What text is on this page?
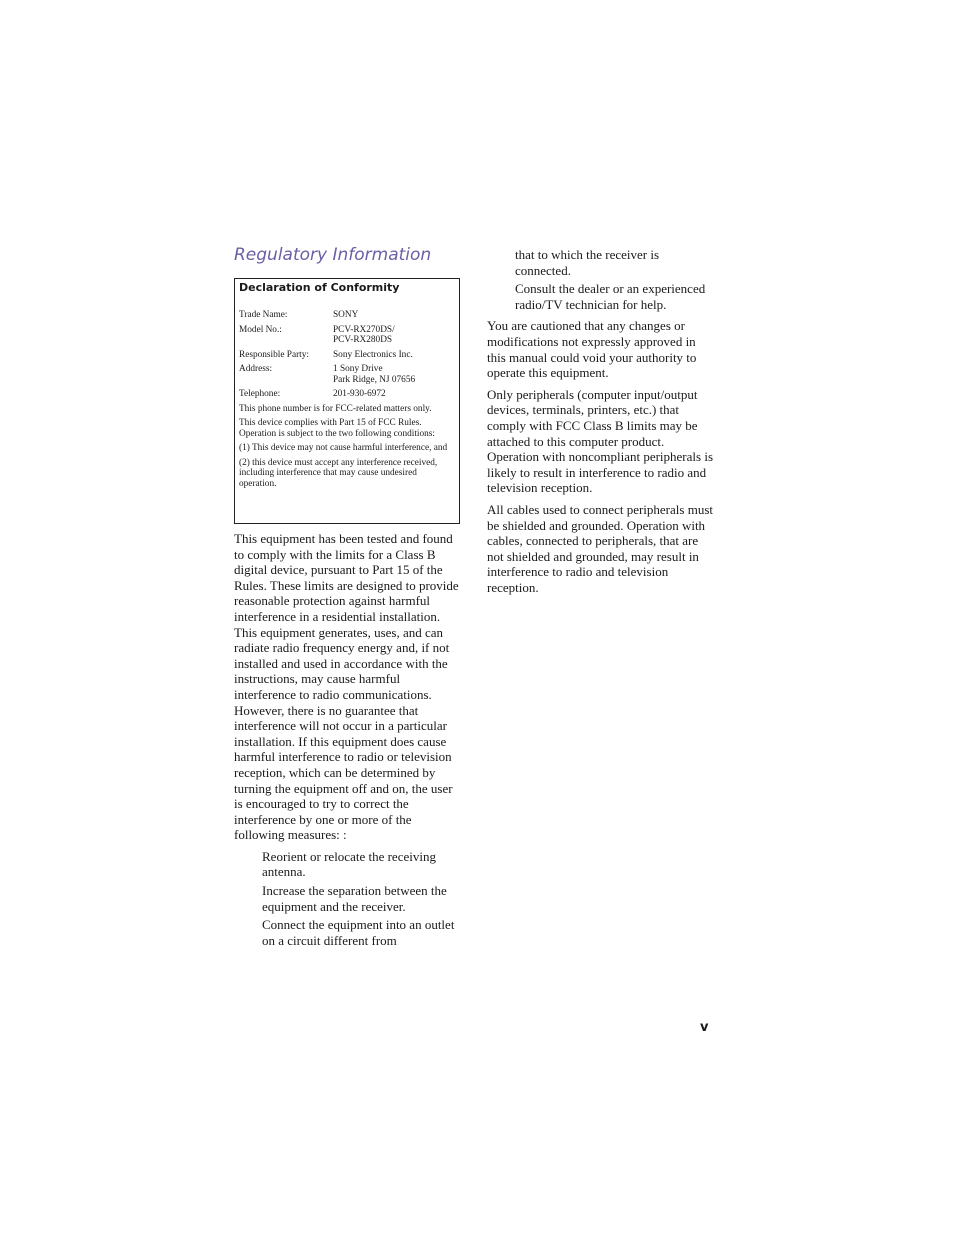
Regulatory Information

Declaration of Conformity

Trade Name:	SONY
Model No.:	PCV-RX270DS/
PCV-RX280DS
Responsible Party:	Sony Electronics Inc.
Address:	1 Sony Drive
Park Ridge, NJ 07656
Telephone:	201-930-6972

This phone number is for FCC-related matters only.

This device complies with Part 15 of FCC Rules. Operation is subject to the two following conditions:

(1) This device may not cause harmful interference, and

(2) this device must accept any interference received, including interference that may cause undesired operation.

This equipment has been tested and found to comply with the limits for a Class B digital device, pursuant to Part 15 of the Rules. These limits are designed to provide reasonable protection against harmful interference in a residential installation. This equipment generates, uses, and can radiate radio frequency energy and, if not installed and used in accordance with the instructions, may cause harmful interference to radio communications. However, there is no guarantee that interference will not occur in a particular installation. If this equipment does cause harmful interference to radio or television reception, which can be determined by turning the equipment off and on, the user is encouraged to try to correct the interference by one or more of the following measures: :

Reorient or relocate the receiving antenna.

Increase the separation between the equipment and the receiver.

Connect the equipment into an outlet on a circuit different from

that to which the receiver is connected.

Consult the dealer or an experienced radio/TV technician for help.

You are cautioned that any changes or modifications not expressly approved in this manual could void your authority to operate this equipment.

Only peripherals (computer input/output devices, terminals, printers, etc.) that comply with FCC Class B limits may be attached to this computer product. Operation with noncompliant peripherals is likely to result in interference to radio and television reception.

All cables used to connect peripherals must be shielded and grounded. Operation with cables, connected to peripherals, that are not shielded and grounded, may result in interference to radio and television reception.

v
